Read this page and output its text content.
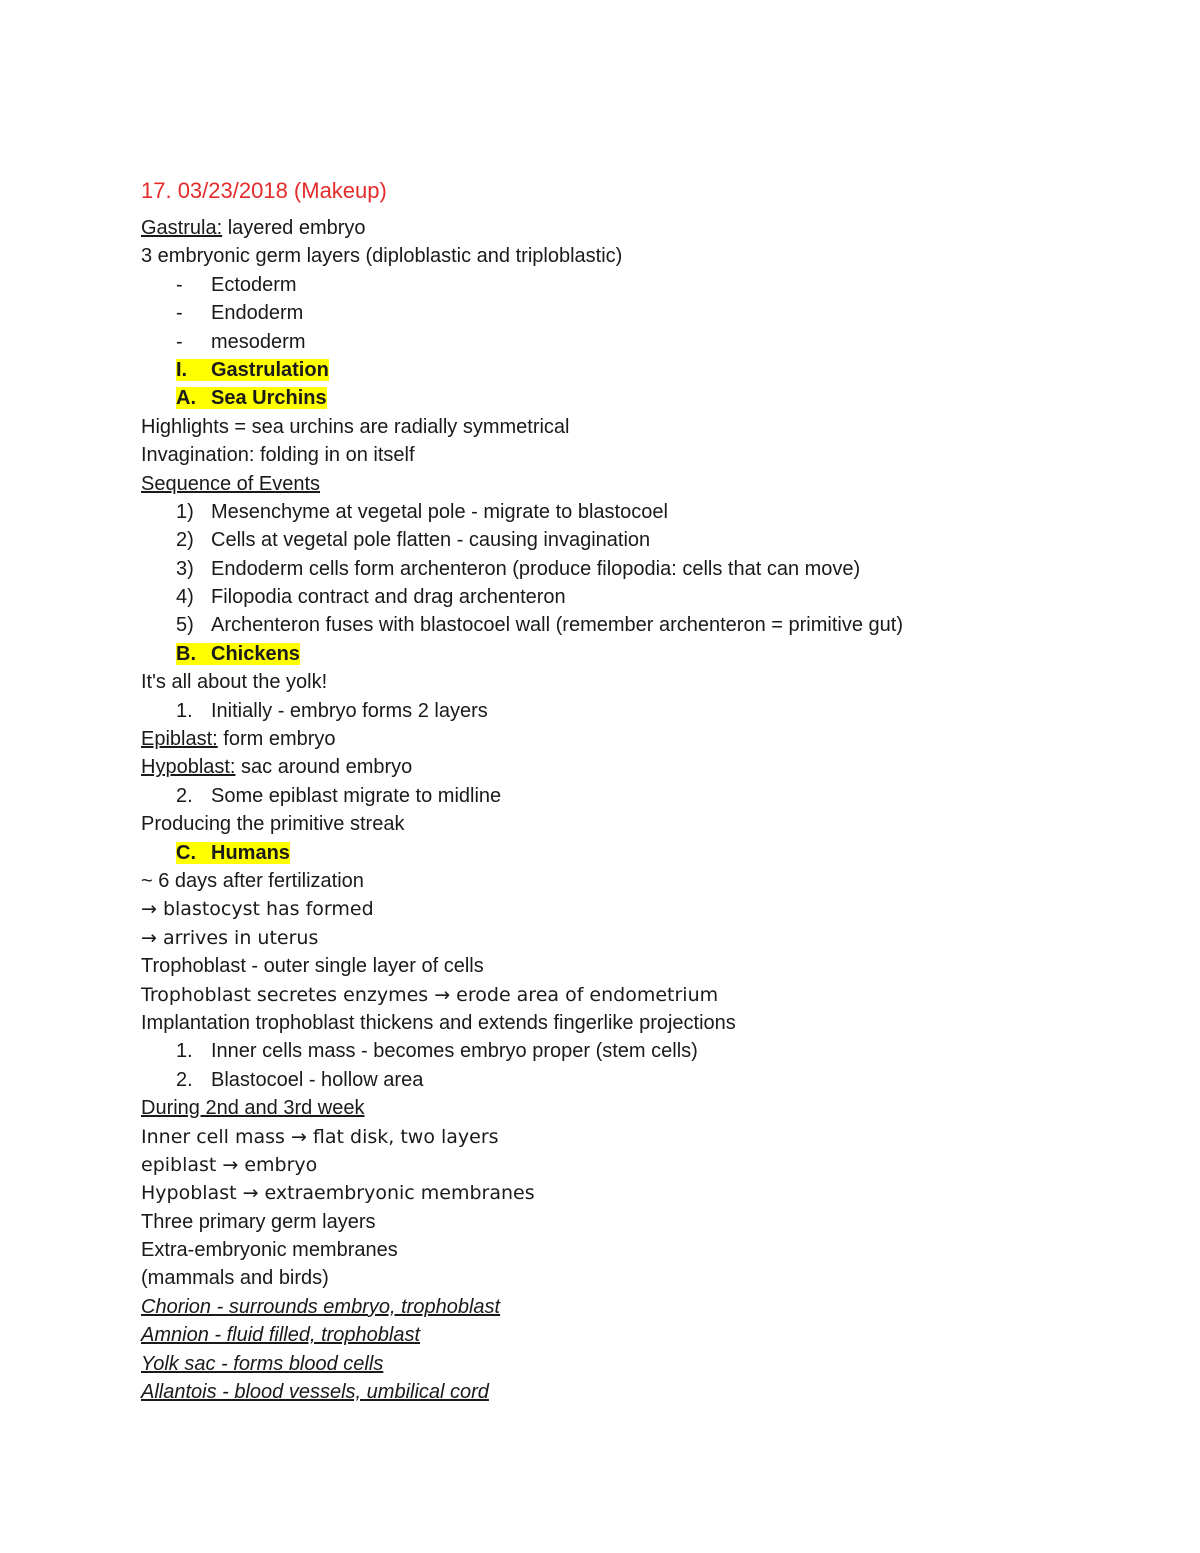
17. 03/23/2018 (Makeup)
Gastrula: layered embryo
3 embryonic germ layers (diploblastic and triploblastic)
- Ectoderm
- Endoderm
- mesoderm
I. Gastrulation
A. Sea Urchins
Highlights = sea urchins are radially symmetrical
Invagination: folding in on itself
Sequence of Events
1) Mesenchyme at vegetal pole - migrate to blastocoel
2) Cells at vegetal pole flatten - causing invagination
3) Endoderm cells form archenteron (produce filopodia: cells that can move)
4) Filopodia contract and drag archenteron
5) Archenteron fuses with blastocoel wall (remember archenteron = primitive gut)
B. Chickens
It's all about the yolk!
1. Initially - embryo forms 2 layers
Epiblast: form embryo
Hypoblast: sac around embryo
2. Some epiblast migrate to midline
Producing the primitive streak
C. Humans
~ 6 days after fertilization
→ blastocyst has formed
→ arrives in uterus
Trophoblast - outer single layer of cells
Trophoblast secretes enzymes → erode area of endometrium
Implantation trophoblast thickens and extends fingerlike projections
1. Inner cells mass - becomes embryo proper (stem cells)
2. Blastocoel - hollow area
During 2nd and 3rd week
Inner cell mass → flat disk, two layers
epiblast → embryo
Hypoblast → extraembryonic membranes
Three primary germ layers
Extra-embryonic membranes
(mammals and birds)
Chorion - surrounds embryo, trophoblast
Amnion - fluid filled, trophoblast
Yolk sac - forms blood cells
Allantois - blood vessels, umbilical cord
